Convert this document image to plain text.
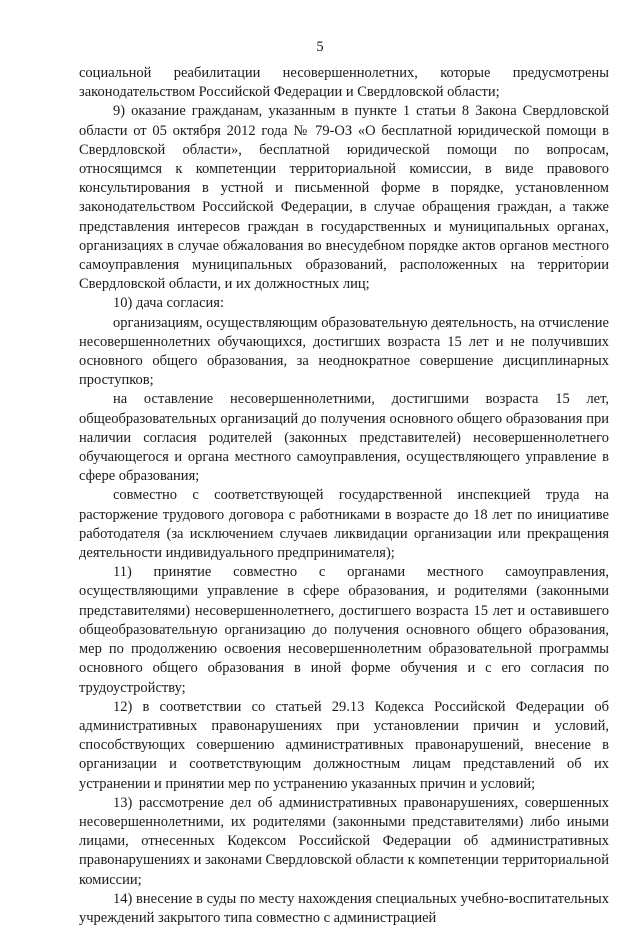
5

социальной реабилитации несовершеннолетних, которые предусмотрены законодательством Российской Федерации и Свердловской области;

9) оказание гражданам, указанным в пункте 1 статьи 8 Закона Свердловской области от 05 октября 2012 года № 79-ОЗ «О бесплатной юридической помощи в Свердловской области», бесплатной юридической помощи по вопросам, относящимся к компетенции территориальной комиссии, в виде правового консультирования в устной и письменной форме в порядке, установленном законодательством Российской Федерации, в случае обращения граждан, а также представления интересов граждан в государственных и муниципальных органах, организациях в случае обжалования во внесудебном порядке актов органов местного самоуправления муниципальных образований, расположенных на территории Свердловской области, и их должностных лиц;

10) дача согласия:

организациям, осуществляющим образовательную деятельность, на отчисление несовершеннолетних обучающихся, достигших возраста 15 лет и не получивших основного общего образования, за неоднократное совершение дисциплинарных проступков;

на оставление несовершеннолетними, достигшими возраста 15 лет, общеобразовательных организаций до получения основного общего образования при наличии согласия родителей (законных представителей) несовершеннолетнего обучающегося и органа местного самоуправления, осуществляющего управление в сфере образования;

совместно с соответствующей государственной инспекцией труда на расторжение трудового договора с работниками в возрасте до 18 лет по инициативе работодателя (за исключением случаев ликвидации организации или прекращения деятельности индивидуального предпринимателя);

11) принятие совместно с органами местного самоуправления, осуществляющими управление в сфере образования, и родителями (законными представителями) несовершеннолетнего, достигшего возраста 15 лет и оставившего общеобразовательную организацию до получения основного общего образования, мер по продолжению освоения несовершеннолетним образовательной программы основного общего образования в иной форме обучения и с его согласия по трудоустройству;

12) в соответствии со статьей 29.13 Кодекса Российской Федерации об административных правонарушениях при установлении причин и условий, способствующих совершению административных правонарушений, внесение в организации и соответствующим должностным лицам представлений об их устранении и принятии мер по устранению указанных причин и условий;

13) рассмотрение дел об административных правонарушениях, совершенных несовершеннолетними, их родителями (законными представителями) либо иными лицами, отнесенных Кодексом Российской Федерации об административных правонарушениях и законами Свердловской области к компетенции территориальной комиссии;

14) внесение в суды по месту нахождения специальных учебно-воспитательных учреждений закрытого типа совместно с администрацией
